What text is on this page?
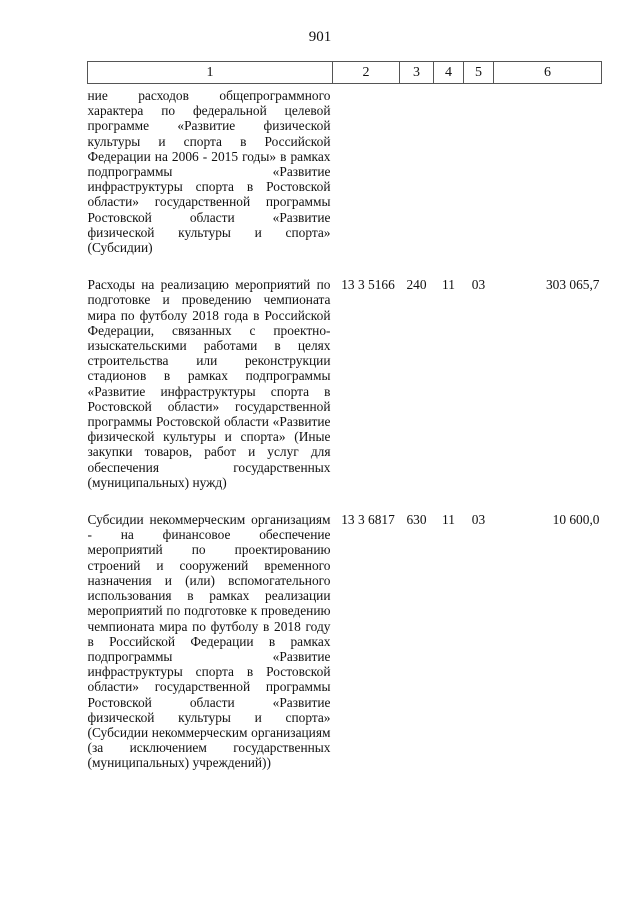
901
1	2	3	4	5	6
ние расходов общепрограммного характера по федеральной целевой программе «Развитие физической культуры и спорта в Российской Федерации на 2006 - 2015 годы» в рамках подпрограммы «Развитие инфраструктуры спорта в Ростовской области» государственной программы Ростовской области «Развитие физической культуры и спорта» (Субсидии)					
Расходы на реализацию мероприятий по подготовке и проведению чемпионата мира по футболу 2018 года в Российской Федерации, связанных с проектно-изыскательскими работами в целях строительства или реконструкции стадионов в рамках подпрограммы «Развитие инфраструктуры спорта в Ростовской области» государственной программы Ростовской области «Развитие физической культуры и спорта» (Иные закупки товаров, работ и услуг для обеспечения государственных (муниципальных) нужд)	13 3 5166	240	11	03	303 065,7
Субсидии некоммерческим организациям - на финансовое обеспечение мероприятий по проектированию строений и сооружений временного назначения и (или) вспомогательного использования в рамках реализации мероприятий по подготовке к проведению чемпионата мира по футболу в 2018 году в Российской Федерации в рамках подпрограммы «Развитие инфраструктуры спорта в Ростовской области» государственной программы Ростовской области «Развитие физической культуры и спорта» (Субсидии некоммерческим организациям (за исключением государственных (муниципальных) учреждений))	13 3 6817	630	11	03	10 600,0
